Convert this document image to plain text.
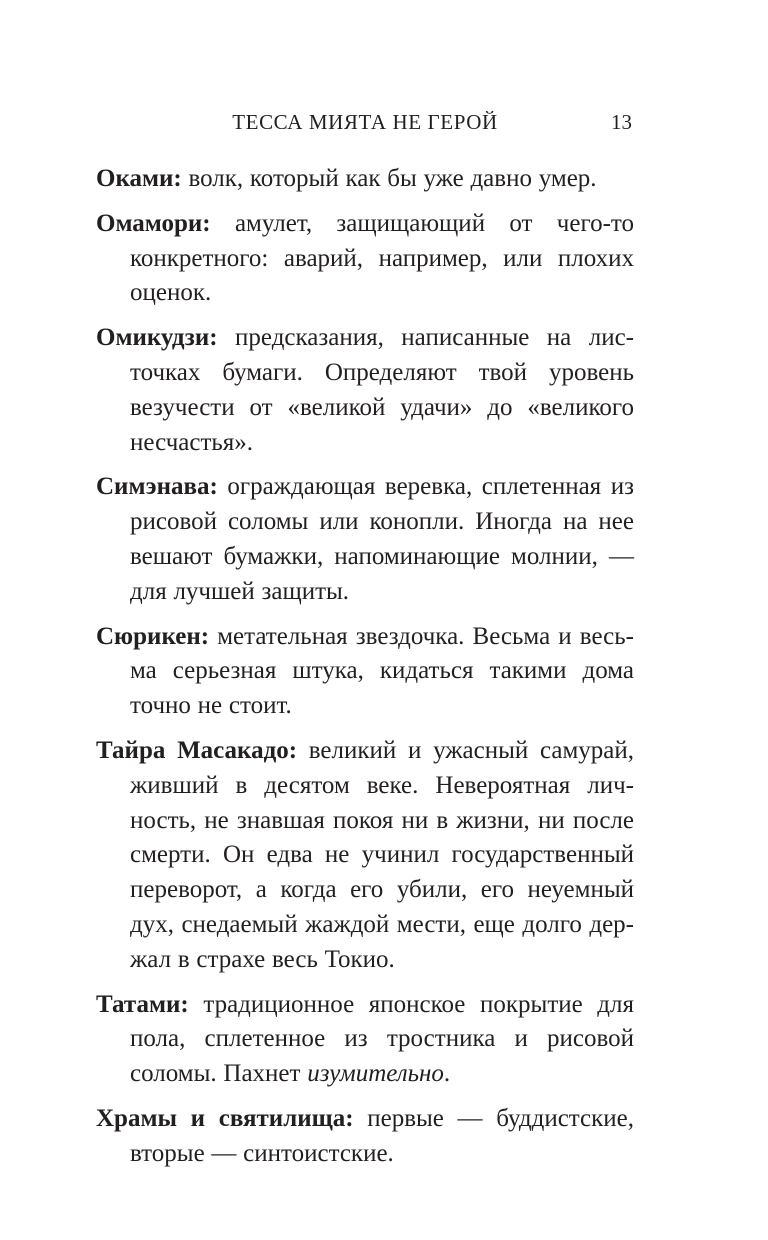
ТЕССА МИЯТА НЕ ГЕРОЙ	13

Оками: волк, который как бы уже давно умер.

Омамори: амулет, защищающий от чего-то конкретного: аварий, например, или плохих оценок.

Омикудзи: предсказания, написанные на листочках бумаги. Определяют твой уровень везучести от «великой удачи» до «великого несчастья».

Симэнава: ограждающая веревка, сплетенная из рисовой соломы или конопли. Иногда на нее вешают бумажки, напоминающие молнии, — для лучшей защиты.

Сюрикен: метательная звездочка. Весьма и весьма серьезная штука, кидаться такими дома точно не стоит.

Тайра Масакадо: великий и ужасный самурай, живший в десятом веке. Невероятная личность, не знавшая покоя ни в жизни, ни после смерти. Он едва не учинил государственный переворот, а когда его убили, его неуемный дух, снедаемый жаждой мести, еще долго держал в страхе весь Токио.

Татами: традиционное японское покрытие для пола, сплетенное из тростника и рисовой соломы. Пахнет изумительно.

Храмы и святилища: первые — буддистские, вторые — синтоистские.
